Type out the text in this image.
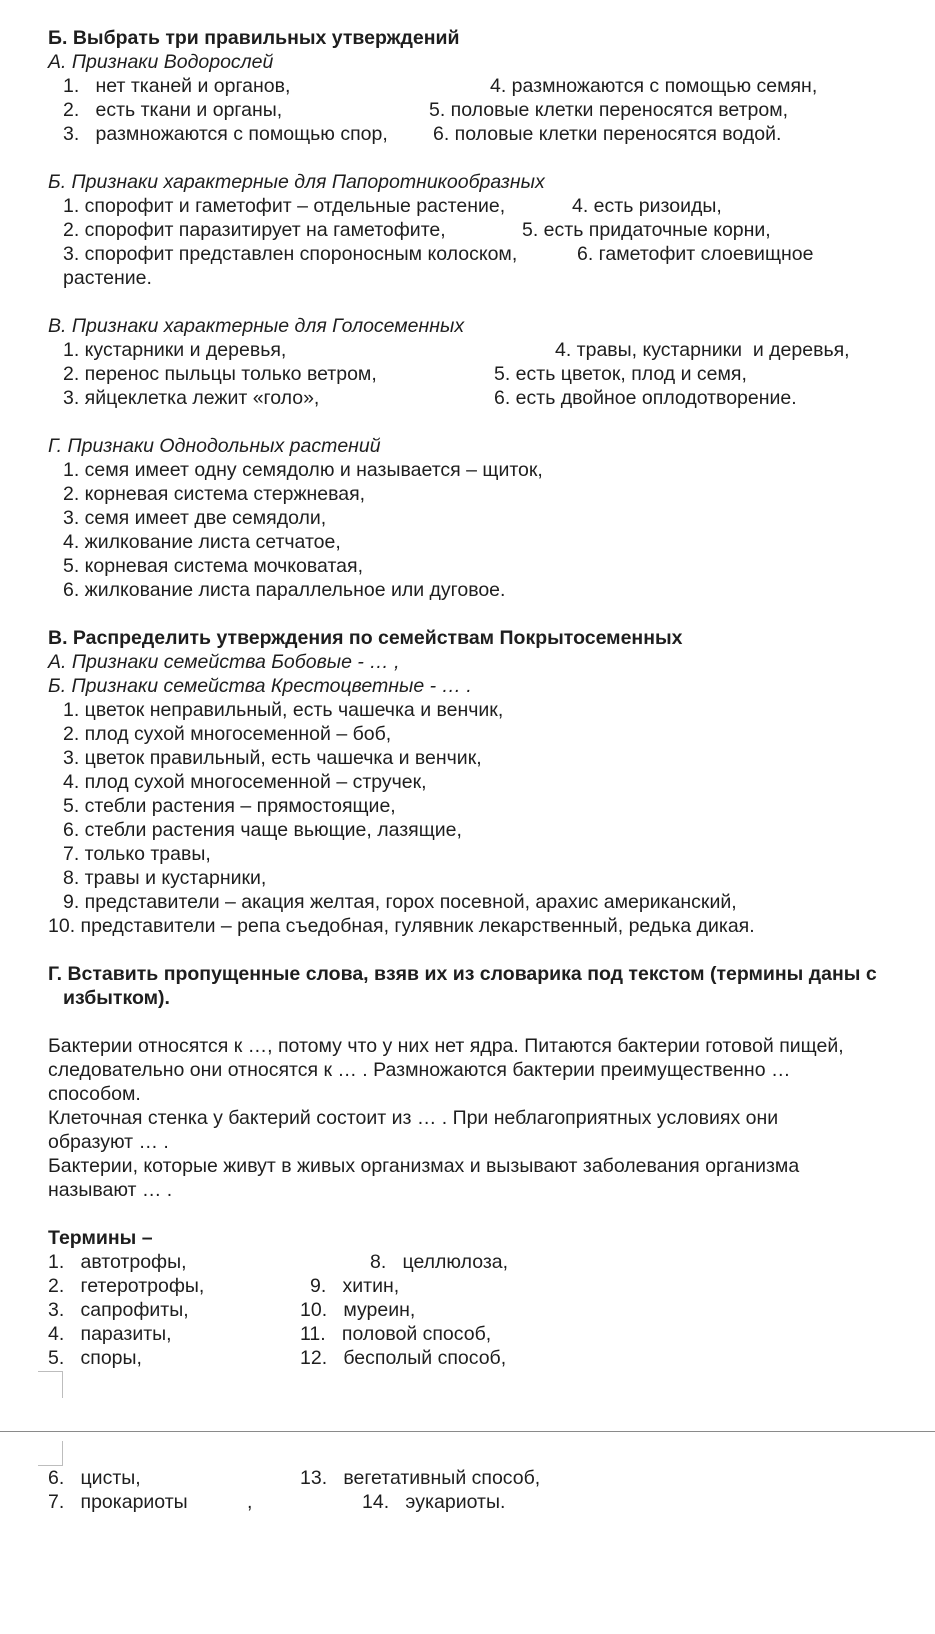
Б. Выбрать три правильных утверждений
А. Признаки Водорослей
1.   нет тканей и органов,	4. размножаются с помощью семян,
2.   есть ткани и органы,	5. половые клетки переносятся ветром,
3.   размножаются с помощью спор, 6. половые клетки переносятся водой.
Б. Признаки характерные для Папоротникообразных
1. спорофит и гаметофит – отдельные растение,	4. есть ризоиды,
2. спорофит паразитирует на гаметофите,	5. есть придаточные корни,
3. спорофит представлен спороносным колоском,	6. гаметофит слоевищное
растение.
В. Признаки характерные для Голосеменных
1. кустарники и деревья,	4. травы, кустарники  и деревья,
2. перенос пыльцы только ветром,	5. есть цветок, плод и семя,
3. яйцеклетка лежит «голо»,	6. есть двойное оплодотворение.
Г. Признаки Однодольных растений
1. семя имеет одну семядолю и называется – щиток,
2. корневая система стержневая,
3. семя имеет две семядоли,
4. жилкование листа сетчатое,
5. корневая система мочковатая,
6. жилкование листа параллельное или дуговое.
В. Распределить утверждения по семействам Покрытосеменных
А. Признаки семейства Бобовые - … ,
Б. Признаки семейства Крестоцветные - … .
1. цветок неправильный, есть чашечка и венчик,
2. плод сухой многосеменной – боб,
3. цветок правильный, есть чашечка и венчик,
4. плод сухой многосеменной – стручек,
5. стебли растения – прямостоящие,
6. стебли растения чаще вьющие, лазящие,
7. только травы,
8. травы и кустарники,
9. представители – акация желтая, горох посевной, арахис американский,
10. представители – репа съедобная, гулявник лекарственный, редька дикая.
Г. Вставить пропущенные слова, взяв их из словарика под текстом (термины даны с
избытком).
Бактерии относятся к …, потому что у них нет ядра. Питаются бактерии готовой пищей,
следовательно они относятся к … . Размножаются бактерии преимущественно …
способом.
Клеточная стенка у бактерий состоит из … . При неблагоприятных условиях они
образуют … .
Бактерии, которые живут в живых организмах и вызывают заболевания организма
называют … .
Термины –
1.   автотрофы,	8.   целлюлоза,
2.   гетеротрофы,	9.   хитин,
3.   сапрофиты,	10.   муреин,
4.   паразиты,	11.   половой способ,
5.   споры,	12.   бесполый способ,
6.   цисты,	13.   вегетативный способ,
7.   прокариоты	,	14.   эукариоты.
